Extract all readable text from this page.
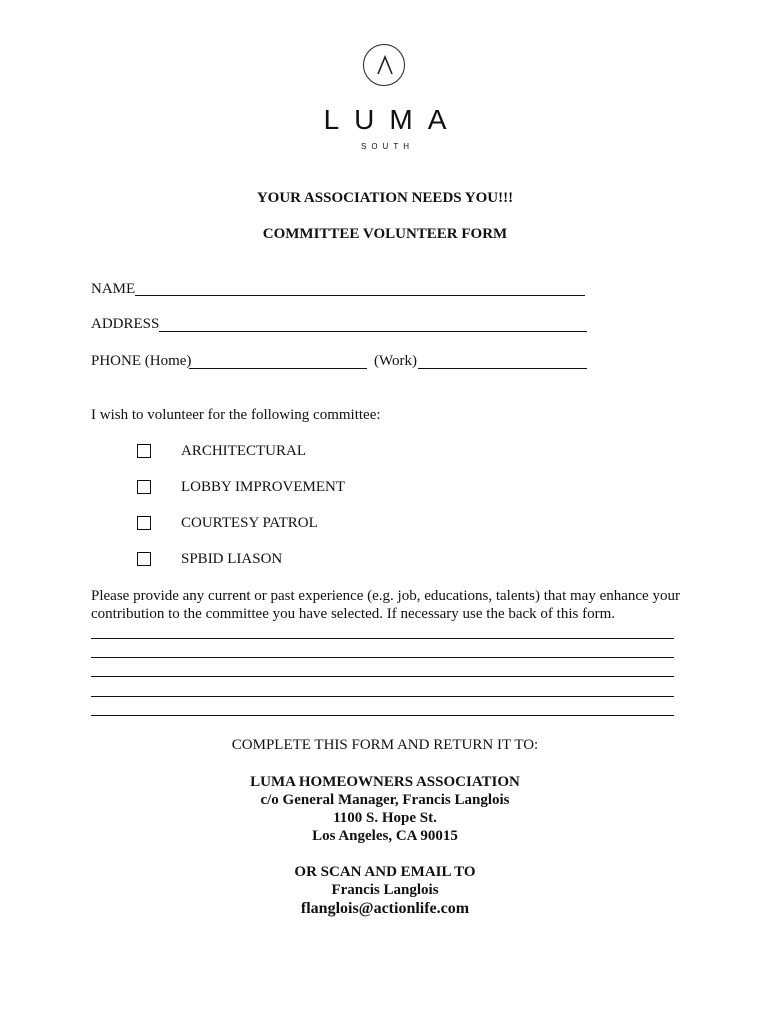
LUMA
SOUTH
YOUR ASSOCIATION NEEDS YOU!!!
COMMITTEE VOLUNTEER FORM
NAME
ADDRESS
PHONE (Home)	(Work)
I wish to volunteer for the following committee:
ARCHITECTURAL
LOBBY IMPROVEMENT
COURTESY PATROL
SPBID LIASON
Please provide any current or past experience (e.g. job, educations, talents) that may enhance your
contribution to the committee you have selected. If necessary use the back of this form.
COMPLETE THIS FORM AND RETURN IT TO:
LUMA HOMEOWNERS ASSOCIATION
c/o General Manager, Francis Langlois
1100 S. Hope St.
Los Angeles, CA 90015
OR SCAN AND EMAIL TO
Francis Langlois
flanglois@actionlife.com
